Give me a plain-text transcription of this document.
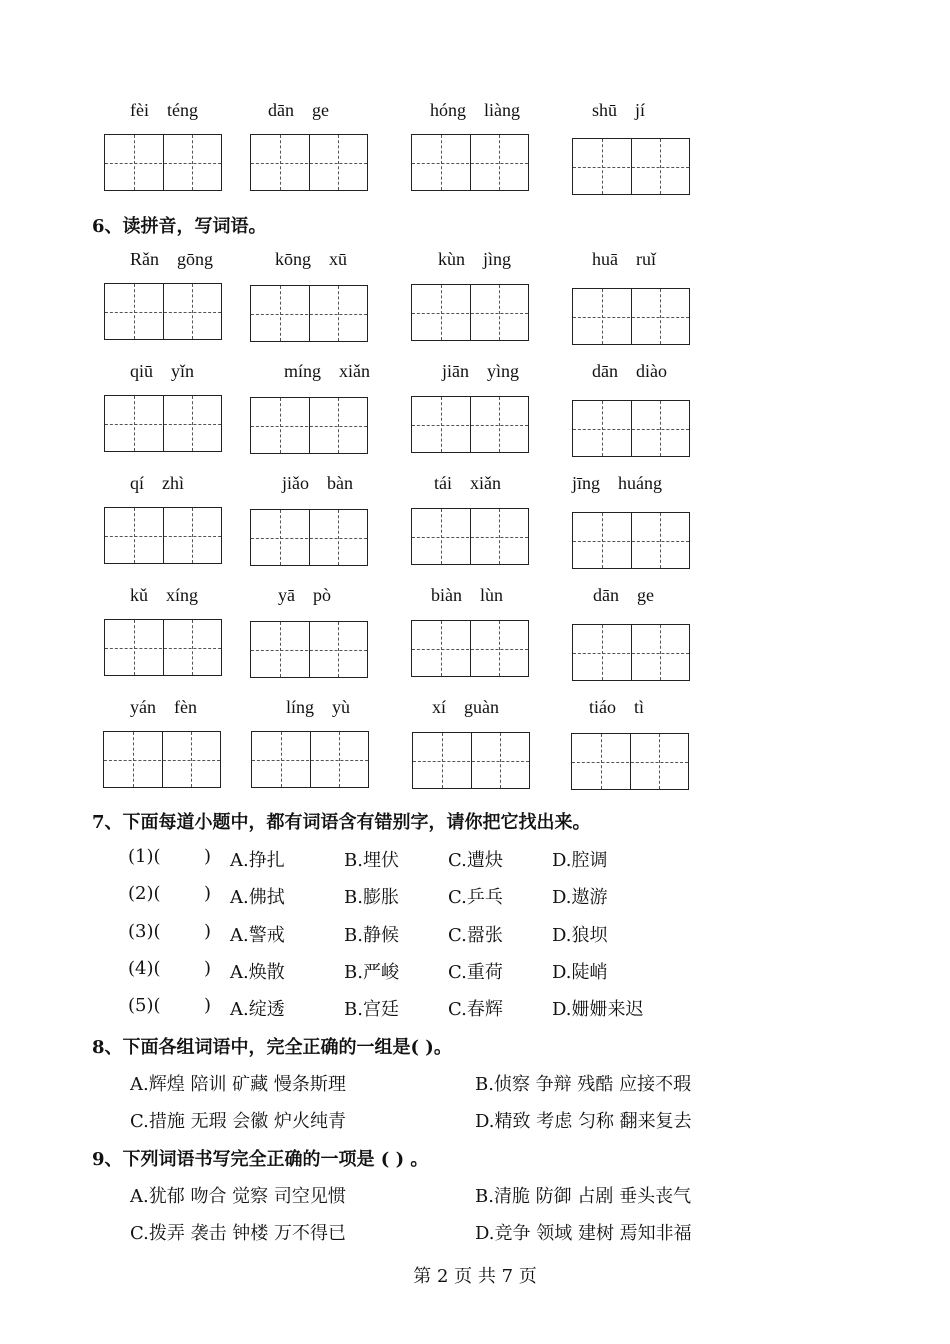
fèi téng	dān ge	hóng liàng	shū jí
6、读拼音，写词语。
Rǎn gōng	kōng xū	kùn jìng	huā ruǐ
qiū yǐn	míng xiǎn	jiān yìng	dān diào
qí zhì	jiǎo bàn	tái xiǎn	jīng huáng
kǔ xíng	yā pò	biàn lùn	dān ge
yán fèn	líng yù	xí guàn	tiáo tì
7、下面每道小题中，都有词语含有错别字，请你把它找出来。
(1)( ) A.挣扎	B.埋伏	C.遭炔	D.腔调
(2)( ) A.佛拭	B.膨胀	C.乒乓	D.遨游
(3)( ) A.警戒	B.静候	C.嚣张	D.狼坝
(4)( ) A.焕散	B.严峻	C.重荷	D.陡峭
(5)( ) A.绽透	B.宫廷	C.春辉	D.姗姗来迟
8、下面各组词语中，完全正确的一组是( )。
A.辉煌 陪训 矿藏 慢条斯理	B.侦察 争辩 残酷 应接不瑕
C.措施 无瑕 会徽 炉火纯青	D.精致 考虑 匀称 翻来复去
9、下列词语书写完全正确的一项是 ( ) 。
A.犹郁 吻合 觉察 司空见惯	B.清脆 防御 占剧 垂头丧气
C.拨弄 袭击 钟楼 万不得已	D.竞争 领域 建树 焉知非福
第 2 页 共 7 页
